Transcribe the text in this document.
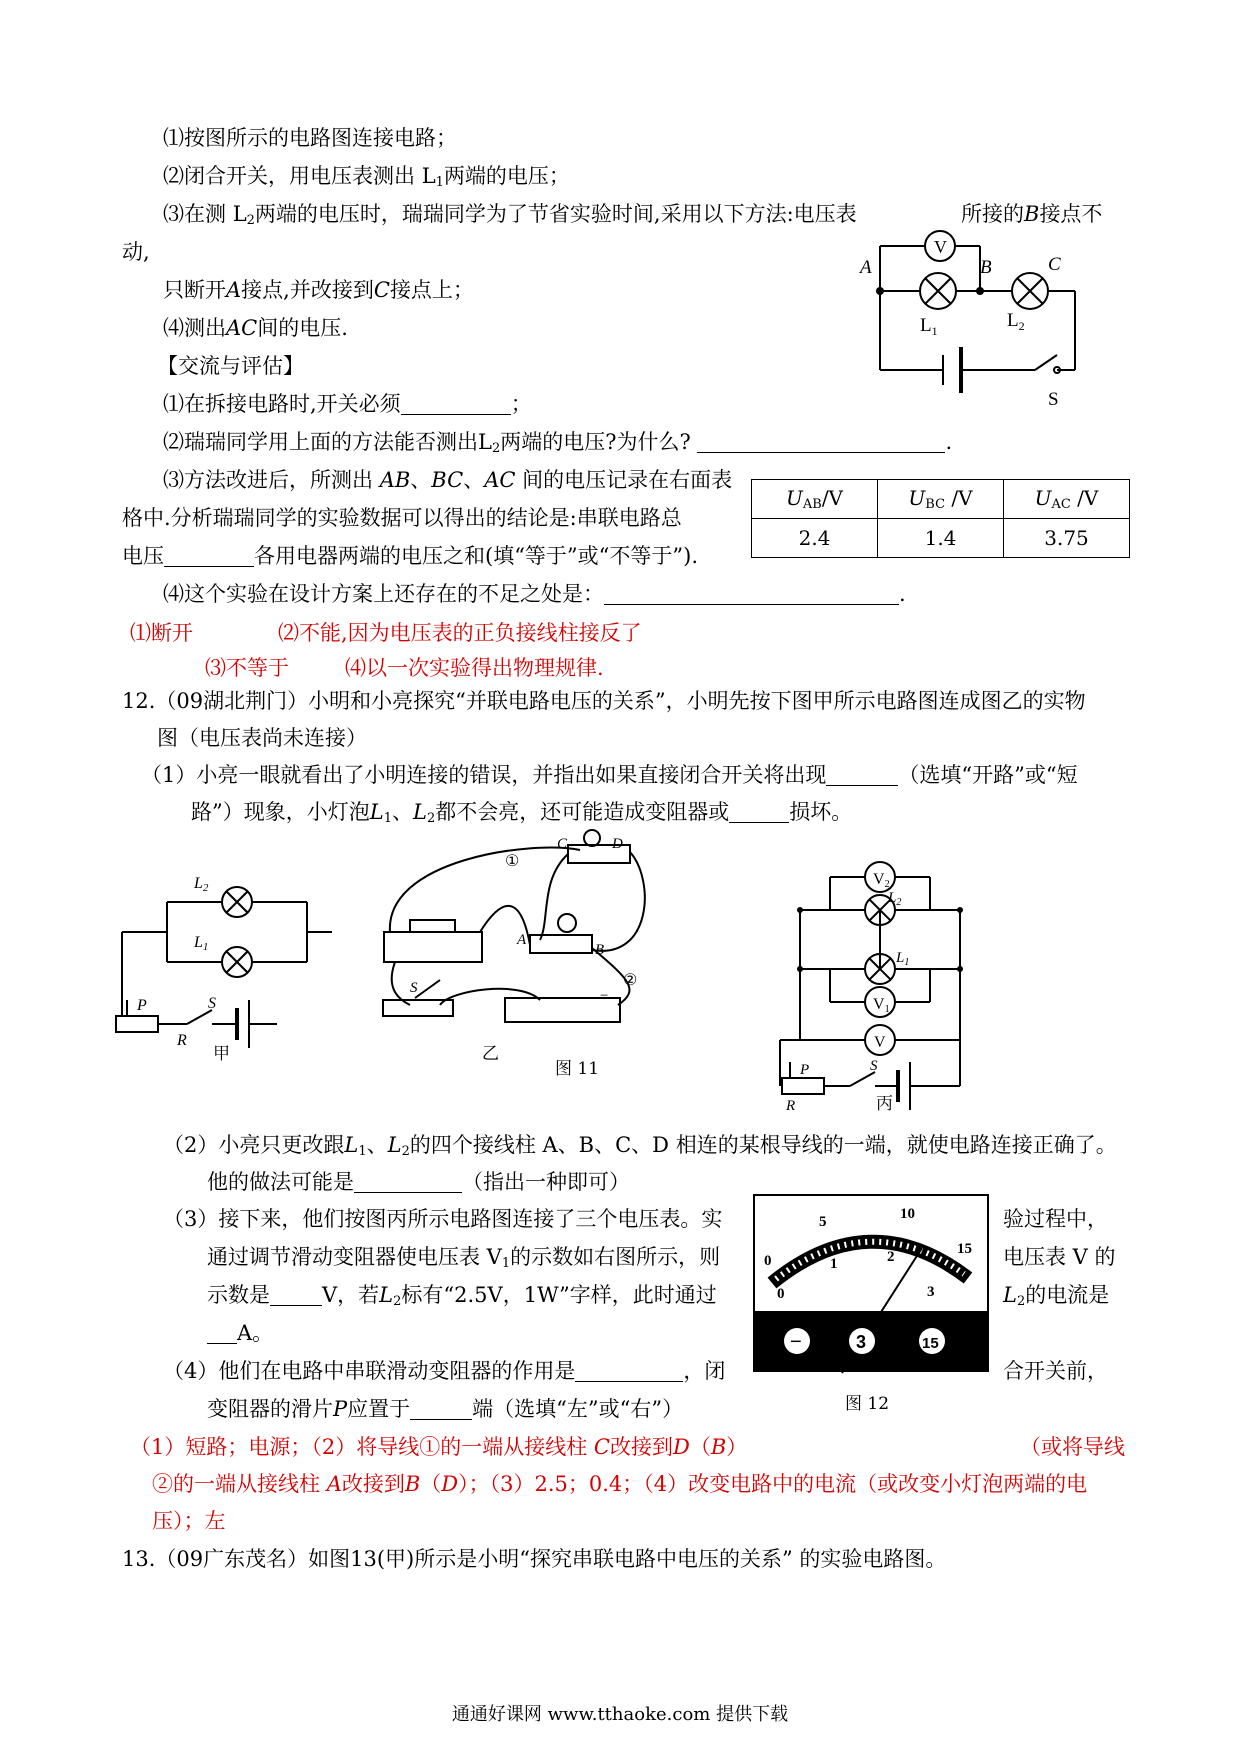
⑴按图所示的电路图连接电路；
⑵闭合开关，用电压表测出 $L_1$两端的电压；
⑶在测 $L_2$两端的电压时，瑞瑞同学为了节省实验时间,采用以下方法:电压表	所接的B接点不
动,
只断开A接点,并改接到C接点上；
⑷测出AC间的电压.
【交流与评估】
⑴在拆接电路时,开关必须	；
⑵瑞瑞同学用上面的方法能否测出$L_2$两端的电压?为什么?	.
⑶方法改进后，所测出 AB、BC、AC 间的电压记录在右面表
格中.分析瑞瑞同学的实验数据可以得出的结论是:串联电路总
电压	各用电器两端的电压之和(填“等于”或“不等于”).
⑷这个实验在设计方案上还存在的不足之处是：	.
$U_{AB}/V$	$U_{BC}$ /V	$U_{AC}$ /V
2.4	1.4	3.75
⑴断开	⑵不能,因为电压表的正负接线柱接反了
⑶不等于	⑷以一次实验得出物理规律.
V
A	B	C
$L_1$	$L_2$
S
12.（09湖北荆门）小明和小亮探究“并联电路电压的关系”，小明先按下图甲所示电路图连成图乙的实物
图（电压表尚未连接）
（1）小亮一眼就看出了小明连接的错误，并指出如果直接闭合开关将出现	（选填“开路”或“短
路”）现象，小灯泡$L_1$、$L_2$都不会亮，还可能造成变阻器或	损坏。
R
P	S
L2
L1
甲
①
②
S
A
B
C	D
−
乙
图 11
V2
V1
V
$L_2$
$L_1$
P
R
S
丙
（2）小亮只更改跟$L_1$、$L_2$的四个接线柱 A、B、C、D 相连的某根导线的一端，就使电路连接正确了。
他的做法可能是	（指出一种即可）
（3）接下来，他们按图丙所示电路图连接了三个电压表。实	验过程中，
通过调节滑动变阻器使电压表 $V_1$的示数如右图所示，则	电压表 V 的
示数是 V，若$L_2$标有“2.5V，1W”字样，此时通过	$L_2$的电流是
A。
（4）他们在电路中串联滑动变阻器的作用是	，闭	合开关前，
变阻器的滑片P应置于	端（选填“左”或“右”）
−	3	15
0
5	10
15
0
1	2
3
图 12
（1）短路；电源；（2）将导线①的一端从接线柱 C改接到D（B）	（或将导线
②的一端从接线柱 A改接到B（D）；（3）2.5；0.4；（4）改变电路中的电流（或改变小灯泡两端的电
压）；左
13.（09广东茂名）如图13(甲)所示是小明“探究串联电路中电压的关系” 的实验电路图。
通通好课网 www.tthaoke.com 提供下载
